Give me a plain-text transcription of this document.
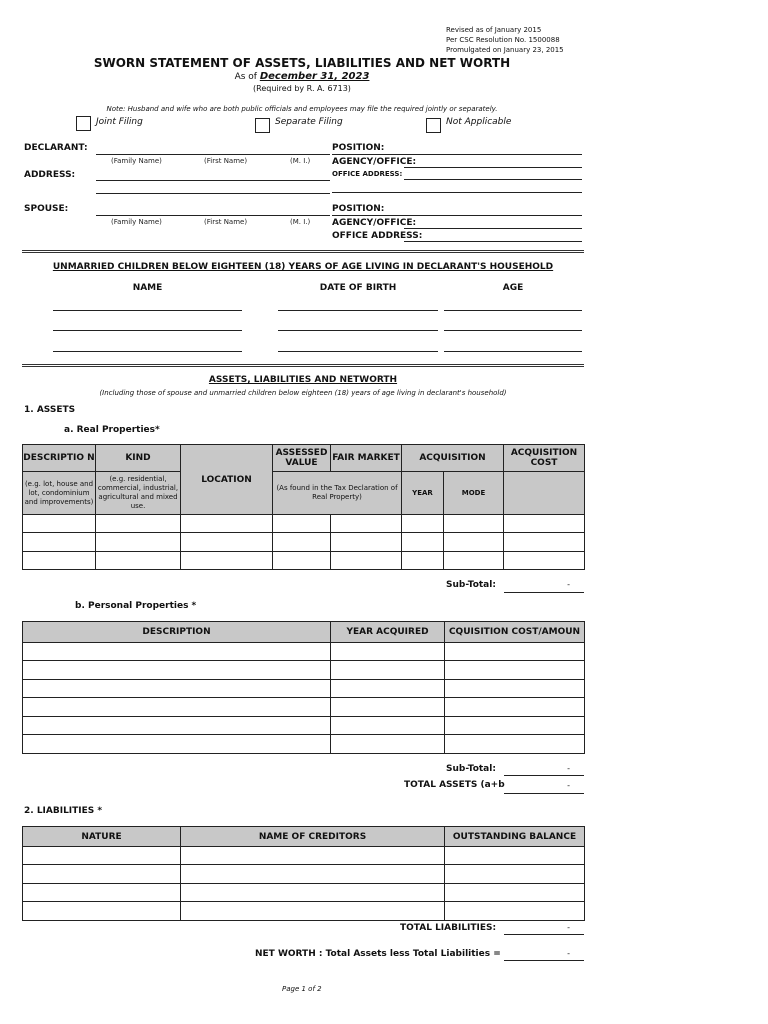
Revised as of January 2015
Per CSC Resolution No. 1500088
Promulgated on January 23, 2015
SWORN STATEMENT OF ASSETS, LIABILITIES AND NET WORTH
As of December 31, 2023
(Required by R. A. 6713)
Note: Husband and wife who are both public officials and employees may file the required jointly or separately.
Joint Filing	Separate Filing	Not Applicable
DECLARANT:
(Family Name)	(First Name)	(M. I.)
POSITION:
AGENCY/OFFICE:
OFFICE ADDRESS:
ADDRESS:
SPOUSE:
(Family Name)	(First Name)	(M. I.)
POSITION:
AGENCY/OFFICE:
OFFICE ADDRESS:
UNMARRIED CHILDREN BELOW EIGHTEEN (18) YEARS OF AGE LIVING IN DECLARANT'S HOUSEHOLD
NAME	DATE OF BIRTH	AGE
ASSETS, LIABILITIES AND NETWORTH
(Including those of spouse and unmarried children below eighteen (18) years of age living in declarant's household)
1. ASSETS
a. Real Properties*
DESCRIPTIO N	KIND	LOCATION	ASSESSED VALUE	FAIR MARKET	ACQUISITION		ACQUISITION COST
(e.g. lot, house and lot, condominium and improvements)	(e.g. residential, commercial, industrial, agricultural and mixed use.		(As found in the Tax Declaration of Real Property)		YEAR	MODE	

Sub-Total:	-
b. Personal Properties *
DESCRIPTION	YEAR ACQUIRED	CQUISITION COST/AMOUN

Sub-Total:	-
TOTAL ASSETS (a+b	-
2. LIABILITIES *
NATURE	NAME OF CREDITORS	OUTSTANDING BALANCE

TOTAL LIABILITIES:	-
NET WORTH : Total Assets less Total Liabilities =	-
Page 1 of 2
